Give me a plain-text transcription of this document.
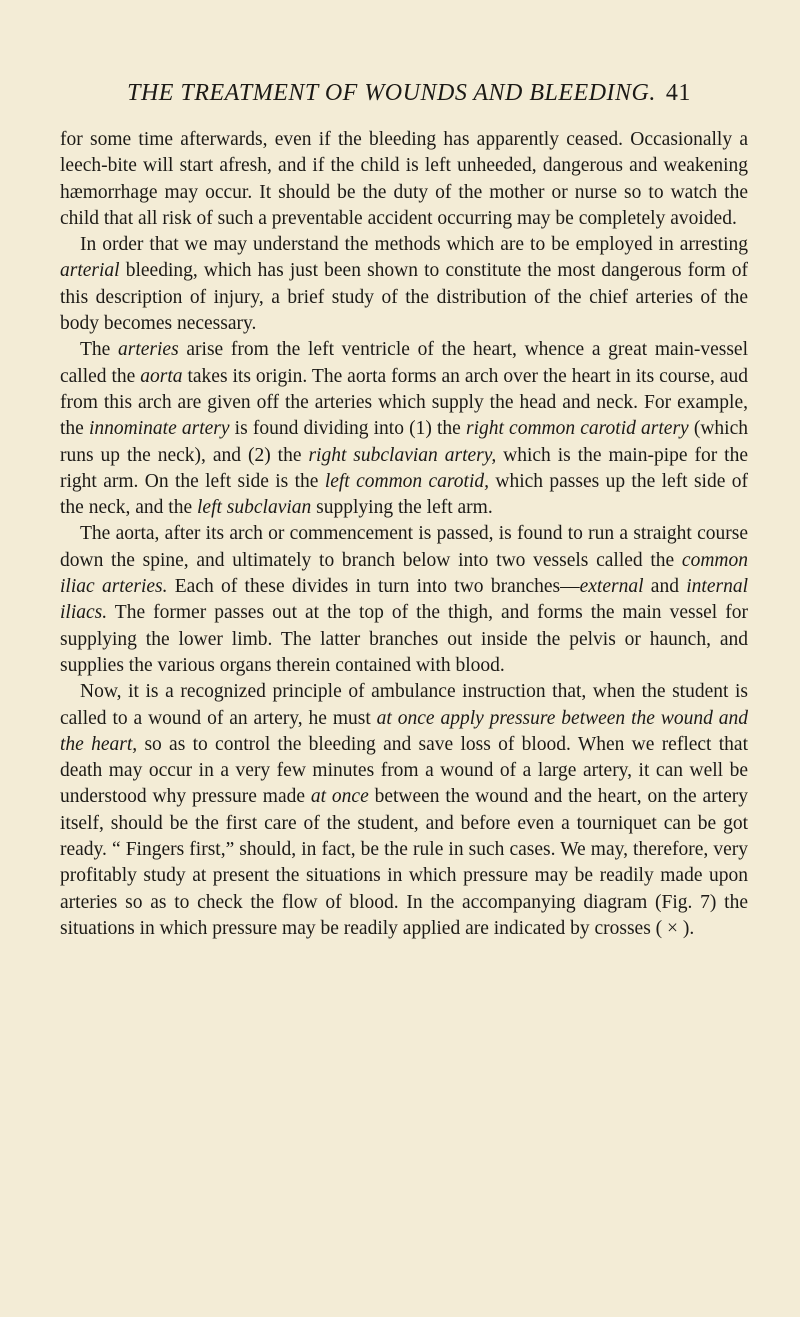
THE TREATMENT OF WOUNDS AND BLEEDING. 41

for some time afterwards, even if the bleeding has apparently ceased. Occasionally a leech-bite will start afresh, and if the child is left unheeded, dangerous and weakening hæmorrhage may occur. It should be the duty of the mother or nurse so to watch the child that all risk of such a preventable accident occurring may be completely avoided.

In order that we may understand the methods which are to be employed in arresting arterial bleeding, which has just been shown to constitute the most dangerous form of this description of injury, a brief study of the distribution of the chief arteries of the body becomes necessary.

The arteries arise from the left ventricle of the heart, whence a great main-vessel called the aorta takes its origin. The aorta forms an arch over the heart in its course, aud from this arch are given off the arteries which supply the head and neck. For example, the innominate artery is found dividing into (1) the right common carotid artery (which runs up the neck), and (2) the right subclavian artery, which is the main-pipe for the right arm. On the left side is the left common carotid, which passes up the left side of the neck, and the left subclavian supplying the left arm.

The aorta, after its arch or commencement is passed, is found to run a straight course down the spine, and ultimately to branch below into two vessels called the common iliac arteries. Each of these divides in turn into two branches—external and internal iliacs. The former passes out at the top of the thigh, and forms the main vessel for supplying the lower limb. The latter branches out inside the pelvis or haunch, and supplies the various organs therein contained with blood.

Now, it is a recognized principle of ambulance instruction that, when the student is called to a wound of an artery, he must at once apply pressure between the wound and the heart, so as to control the bleeding and save loss of blood. When we reflect that death may occur in a very few minutes from a wound of a large artery, it can well be understood why pressure made at once between the wound and the heart, on the artery itself, should be the first care of the student, and before even a tourniquet can be got ready. “ Fingers first,” should, in fact, be the rule in such cases. We may, therefore, very profitably study at present the situations in which pressure may be readily made upon arteries so as to check the flow of blood. In the accompanying diagram (Fig. 7) the situations in which pressure may be readily applied are indicated by crosses ( × ).
